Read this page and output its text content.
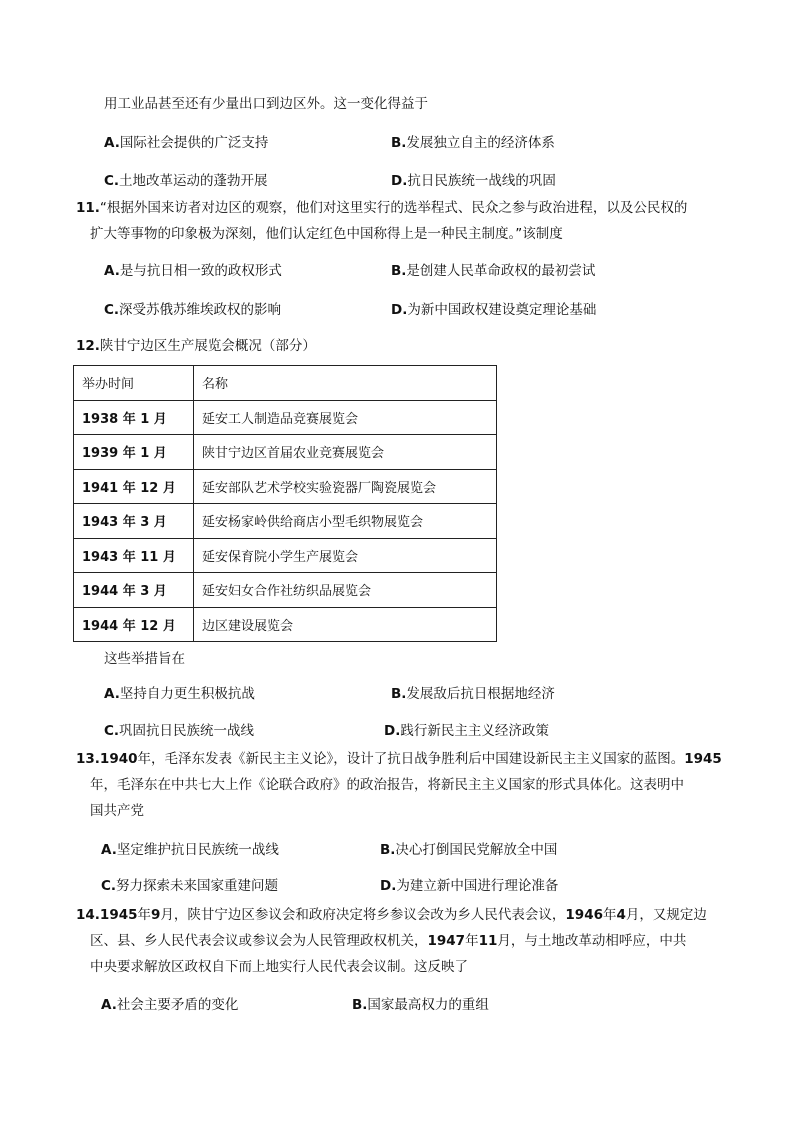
用工业品甚至还有少量出口到边区外。这一变化得益于
A.国际社会提供的广泛支持	B.发展独立自主的经济体系
C.土地改革运动的蓬勃开展	D.抗日民族统一战线的巩固
11.“根据外国来访者对边区的观察，他们对这里实行的选举程式、民众之参与政治进程，以及公民权的
扩大等事物的印象极为深刻，他们认定红色中国称得上是一种民主制度。”该制度
A.是与抗日相一致的政权形式	B.是创建人民革命政权的最初尝试
C.深受苏俄苏维埃政权的影响	D.为新中国政权建设奠定理论基础
12.陕甘宁边区生产展览会概况（部分）
举办时间	名称
1938 年 1 月	延安工人制造品竞赛展览会
1939 年 1 月	陕甘宁边区首届农业竞赛展览会
1941 年 12 月	延安部队艺术学校实验瓷器厂陶瓷展览会
1943 年 3 月	延安杨家岭供给商店小型毛织物展览会
1943 年 11 月	延安保育院小学生产展览会
1944 年 3 月	延安妇女合作社纺织品展览会
1944 年 12 月	边区建设展览会
这些举措旨在
A.坚持自力更生积极抗战	B.发展敌后抗日根据地经济
C.巩固抗日民族统一战线	D.践行新民主主义经济政策
13.1940年，毛泽东发表《新民主主义论》，设计了抗日战争胜利后中国建设新民主主义国家的蓝图。1945
年，毛泽东在中共七大上作《论联合政府》的政治报告，将新民主主义国家的形式具体化。这表明中
国共产党
A.坚定维护抗日民族统一战线	B.决心打倒国民党解放全中国
C.努力探索未来国家重建问题	D.为建立新中国进行理论准备
14.1945年9月，陕甘宁边区参议会和政府决定将乡参议会改为乡人民代表会议，1946年4月，又规定边
区、县、乡人民代表会议或参议会为人民管理政权机关，1947年11月，与土地改革动相呼应，中共
中央要求解放区政权自下而上地实行人民代表会议制。这反映了
A.社会主要矛盾的变化	B.国家最高权力的重组
